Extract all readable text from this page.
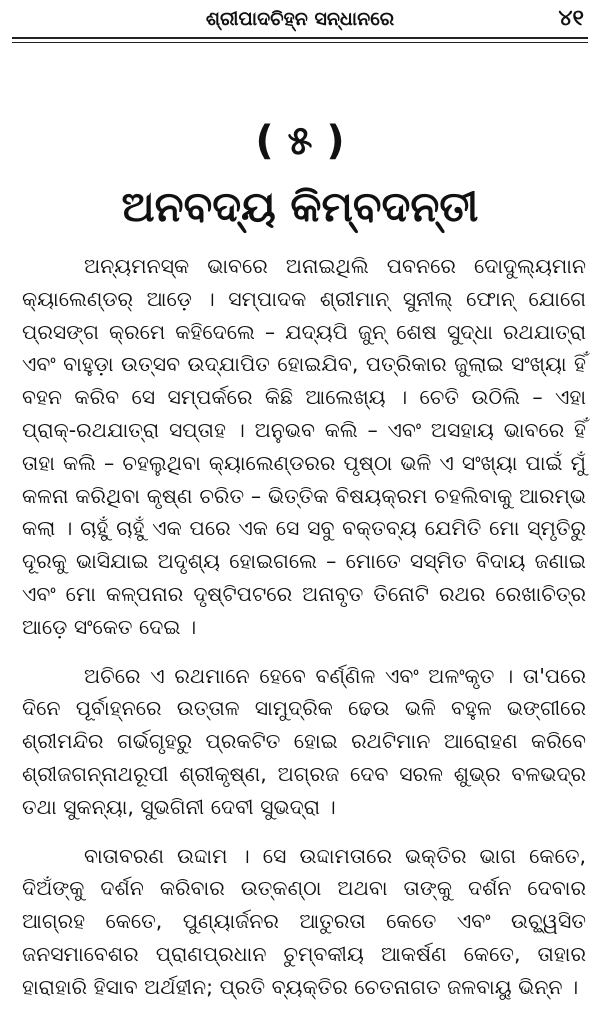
ଶ୍ରୀପାଦଚିହ୍ନ ସନ୍ଧାନରେ	୪୧
( ୫ )
ଅନବଦ୍ୟ କିମ୍ବଦନ୍ତୀ

ଅନ୍ୟମନସ୍କ ଭାବରେ ଅନାଇଥିଲି ପବନରେ ଦୋଦୁଲ୍ୟମାନ କ୍ୟାଲେଣ୍ଡର୍ ଆଡ଼େ । ସମ୍ପାଦକ ଶ୍ରୀମାନ୍ ସୁନୀଲ୍ ଫୋନ୍ ଯୋଗେ ପ୍ରସଙ୍ଗ କ୍ରମେ କହିଦେଲେ – ଯଦ୍ୟପି ଜୁନ୍ ଶେଷ ସୁଦ୍ଧା ରଥଯାତ୍ରା ଏବଂ ବାହୁଡ଼ା ଉତ୍ସବ ଉଦ୍‌ଯାପିତ ହୋଇଯିବ, ପତ୍ରିକାର ଜୁଲାଇ ସଂଖ୍ୟା ହିଁ ବହନ କରିବ ସେ ସମ୍ପର୍କରେ କିଛି ଆଲେଖ୍ୟ । ଚେତି ଉଠିଲି – ଏହା ପ୍ରାକ୍-ରଥଯାତ୍ରା ସପ୍ତାହ । ଅନୁଭବ କଲି – ଏବଂ ଅସହାୟ ଭାବରେ ହିଁ ତାହା କଲି – ଚହଲୁଥିବା କ୍ୟାଲେଣ୍ଡରର ପୃଷ୍ଠା ଭଳି ଏ ସଂଖ୍ୟା ପାଇଁ ମୁଁ କଳନା କରିଥିବା କୃଷ୍ଣ ଚରିତ – ଭିତ୍ତିକ ବିଷୟକ୍ରମ ଚହଲିବାକୁ ଆରମ୍ଭ କଲା । ଚାହୁଁ ଚାହୁଁ ଏକ ପରେ ଏକ ସେ ସବୁ ବକ୍ତବ୍ୟ ଯେମିତି ମୋ ସ୍ମୃତିରୁ ଦୂରକୁ ଭାସିଯାଇ ଅଦୃଶ୍ୟ ହୋଇଗଲେ – ମୋତେ ସସ୍ମିତ ବିଦାୟ ଜଣାଇ ଏବଂ ମୋ କଳ୍ପନାର ଦୃଷ୍ଟିପଟରେ ଅନାବୃତ ତିନୋଟି ରଥର ରେଖାଚିତ୍ର ଆଡ଼େ ସଂକେତ ଦେଇ ।

ଅଚିରେ ଏ ରଥମାନେ ହେବେ ବର୍ଣ୍ଣିଳ ଏବଂ ଅଳଂକୃତ । ତା'ପରେ ଦିନେ ପୂର୍ବାହ୍ନରେ ଉତ୍ତାଳ ସାମୁଦ୍ରିକ ଢେଉ ଭଳି ବହୁଳ ଭଙ୍ଗୀରେ ଶ୍ରୀମନ୍ଦିର ଗର୍ଭଗୃହରୁ ପ୍ରକଟିତ ହୋଇ ରଥଟିମାନ ଆରୋହଣ କରିବେ ଶ୍ରୀଜଗନ୍ନାଥରୂପୀ ଶ୍ରୀକୃଷ୍ଣ, ଅଗ୍ରଜ ଦେବ ସରଳ ଶୁଭ୍ର ବଳଭଦ୍ର ତଥା ସୁକନ୍ୟା, ସୁଭଗିନୀ ଦେବୀ ସୁଭଦ୍ରା ।

ବାତାବରଣ ଉଦ୍ଦାମ । ସେ ଉଦ୍ଦାମତାରେ ଭକ୍ତିର ଭାଗ କେତେ, ଦିଅଁଙ୍କୁ ଦର୍ଶନ କରିବାର ଉତ୍କଣ୍ଠା ଅଥବା ତାଙ୍କୁ ଦର୍ଶନ ଦେବାର ଆଗ୍ରହ କେତେ, ପୁଣ୍ୟାର୍ଜନର ଆତୁରତା କେତେ ଏବଂ ଉଚ୍ଛ୍ୱସିତ ଜନସମାବେଶର ପ୍ରାଣପ୍ରଧାନ ଚୁମ୍ବକୀୟ ଆକର୍ଷଣ କେତେ, ତାହାର ହାରାହାରି ହିସାବ ଅର୍ଥହୀନ; ପ୍ରତି ବ୍ୟକ୍ତିର ଚେତନାଗତ ଜଳବାୟୁ ଭିନ୍ନ ।
